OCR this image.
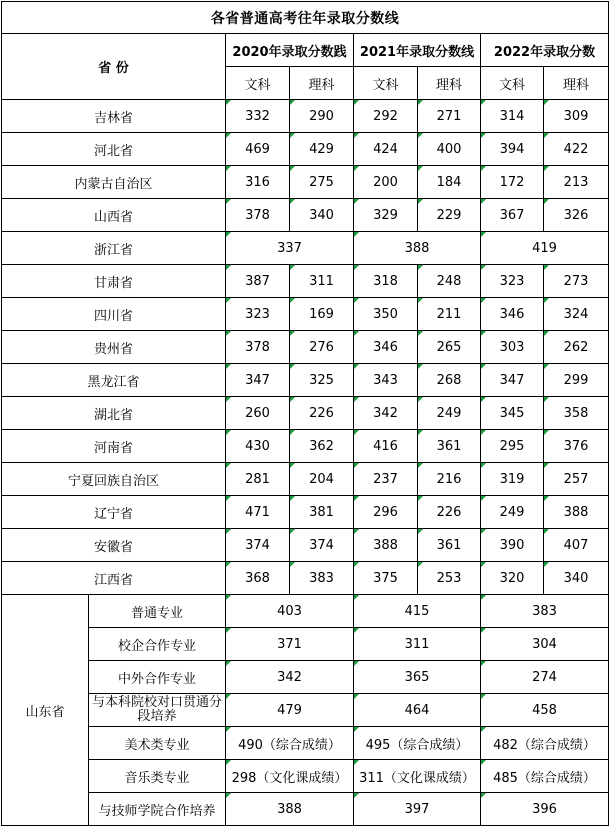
各省普通高考往年录取分数线							
省 份		2020年录取分数践		2021年录取分数线		2022年录取分数	
		文科	理科	文科	理科	文科	理科
吉林省		332	290	292	271	314	309
河北省		469	429	424	400	394	422
内蒙古自治区		316	275	200	184	172	213
山西省		378	340	329	229	367	326
浙江省		337		388		419	
甘肃省		387	311	318	248	323	273
四川省		323	169	350	211	346	324
贵州省		378	276	346	265	303	262
黑龙江省		347	325	343	268	347	299
湖北省		260	226	342	249	345	358
河南省		430	362	416	361	295	376
宁夏回族自治区		281	204	237	216	319	257
辽宁省		471	381	296	226	249	388
安徽省		374	374	388	361	390	407
江西省		368	383	375	253	320	340
山东省	普通专业	403		415		383	
	校企合作专业	371		311		304	
	中外合作专业	342		365		274	
	与本科院校对口贯通分段培养	479		464		458	
	美术类专业	490（综合成绩）		495（综合成绩）		482（综合成绩）	
	音乐类专业	298（文化课成绩）		311（文化课成绩）		485（综合成绩）	
	与技师学院合作培养	388		397		396	
